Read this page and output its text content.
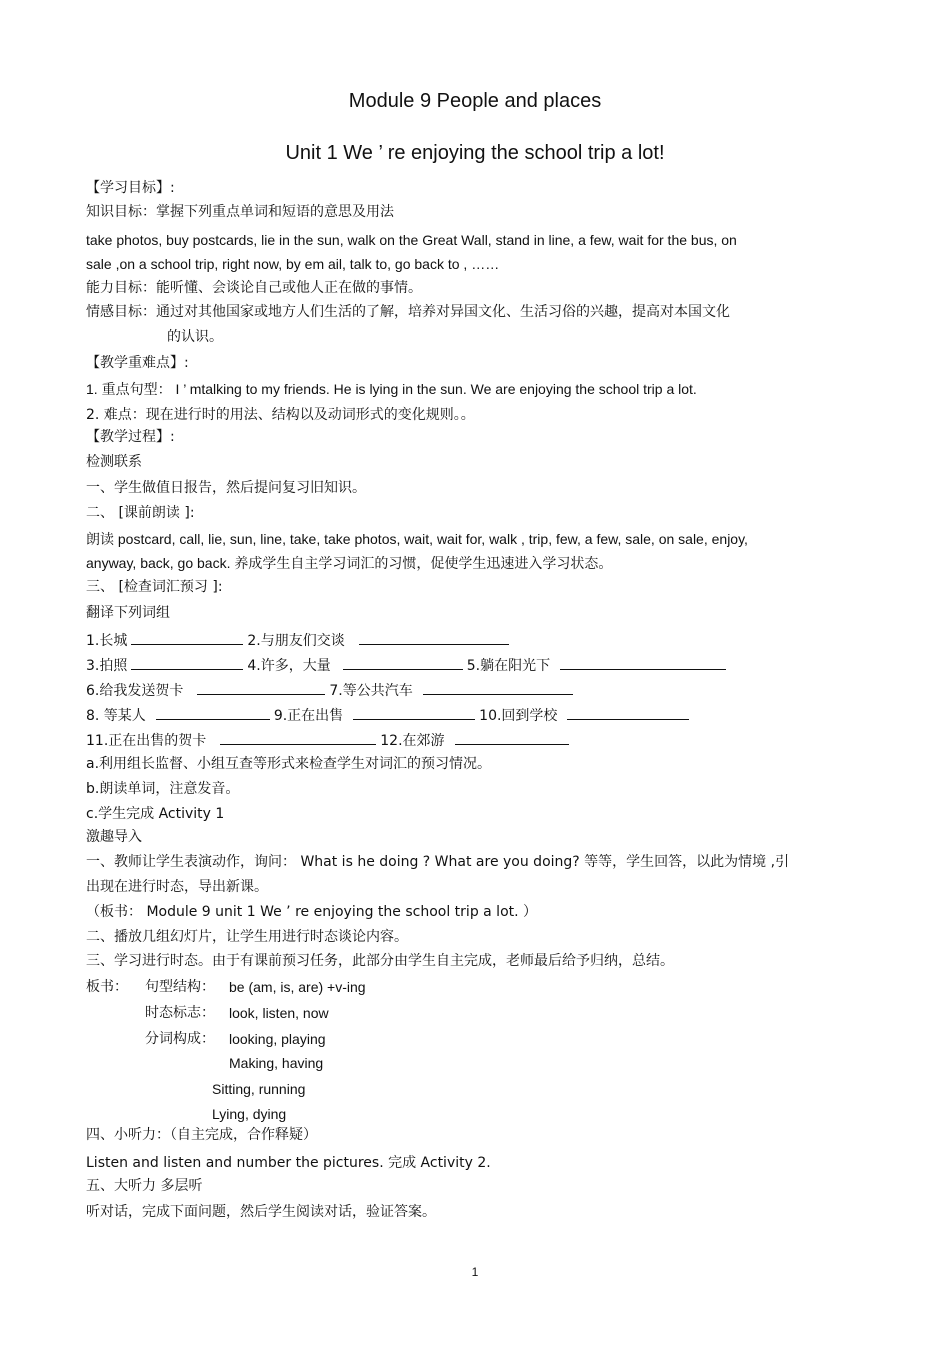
Module 9 People and places
Unit 1 We ’ re enjoying the school trip a lot!
【学习目标】:
知识目标：掌握下列重点单词和短语的意思及用法
take photos, buy postcards, lie in the sun, walk on the Great Wall, stand in line, a few, wait for the bus, on
sale ,on a school trip, right now, by em ail, talk to, go back to , ……
能力目标：能听懂、会谈论自己或他人正在做的事情。
情感目标：通过对其他国家或地方人们生活的了解，培养对异国文化、生活习俗的兴趣，提高对本国文化
的认识。
【教学重难点】:
1. 重点句型： I ’ mtalking to my friends. He is lying in the sun. We are enjoying the school trip a lot.
2. 难点：现在进行时的用法、结构以及动词形式的变化规则。。
【教学过程】:
检测联系
一、学生做值日报告，然后提问复习旧知识。
二、 [课前朗读 ]:
朗读 postcard, call, lie, sun, line, take, take photos, wait, wait for, walk , trip, few, a few, sale, on sale, enjoy,
anyway, back, go back. 养成学生自主学习词汇的习惯，促使学生迅速进入学习状态。
三、 [检查词汇预习 ]:
翻译下列词组
1.长城	2.与朋友们交谈
3.拍照	4.许多，大量	5.躺在阳光下
6.给我发送贺卡	7.等公共汽车
8. 等某人	9.正在出售	10.回到学校
11.正在出售的贺卡	12.在郊游
a.利用组长监督、小组互查等形式来检查学生对词汇的预习情况。
b.朗读单词，注意发音。
c.学生完成 Activity 1
激趣导入
一、教师让学生表演动作，询问： What is he doing ? What are you doing? 等等，学生回答，以此为情境 ,引
出现在进行时态，导出新课。
（板书： Module 9 unit 1 We ’ re enjoying the school trip a lot. ）
二、播放几组幻灯片，让学生用进行时态谈论内容。
三、学习进行时态。由于有课前预习任务，此部分由学生自主完成，老师最后给予归纳，总结。
板书： 句型结构： be (am, is, are) +v-ing
时态标志： look, listen, now
分词构成： looking, playing
Making, having
Sitting, running
Lying, dying
四、小听力：（自主完成，合作释疑）
Listen and listen and number the pictures. 完成 Activity 2.
五、大听力 多层听
听对话，完成下面问题，然后学生阅读对话，验证答案。
1
